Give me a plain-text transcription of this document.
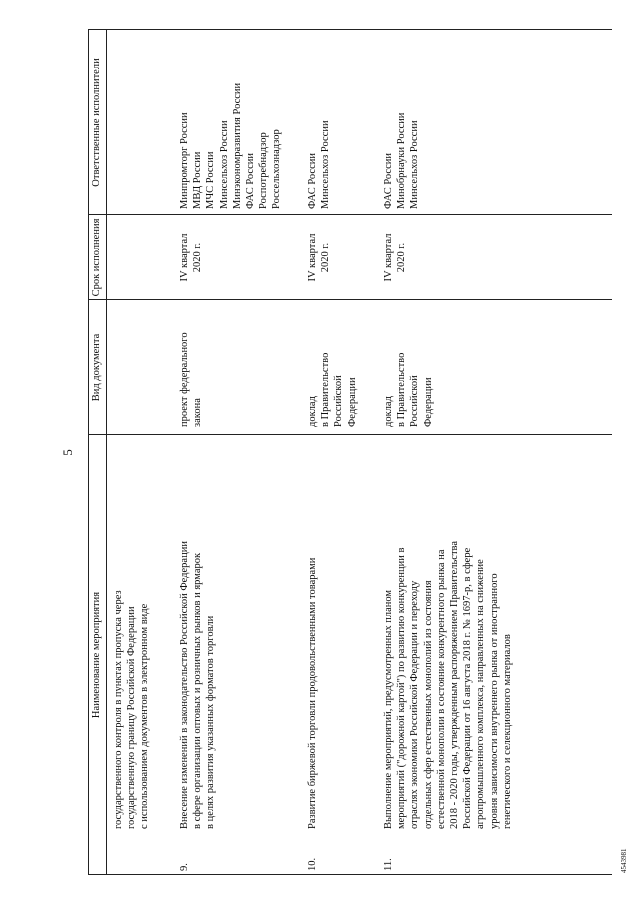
5
Наименование мероприятия
Вид документа
Срок исполнения
Ответственные исполнители
государственного контроля в пунктах пропуска через
государственную границу Российской Федерации
с использованием документов в электронном виде
9.
Внесение изменений в законодательство Российской Федерации
в сфере организации оптовых и розничных рынков и ярмарок
в целях развития указанных форматов торговли
проект федерального
закона
IV квартал
2020 г.
Минпромторг России
МВД России
МЧС России
Минсельхоз России
Минэкономразвития России
ФАС России
Роспотребнадзор
Россельхознадзор
10.
Развитие биржевой торговли продовольственными товарами
доклад
в Правительство
Российской
Федерации
IV квартал
2020 г.
ФАС России
Минсельхоз России
11.
Выполнение мероприятий, предусмотренных планом
мероприятий ("дорожной картой") по развитию конкуренции в
отраслях экономики Российской Федерации и переходу
отдельных сфер естественных монополий из состояния
естественной монополии в состояние конкурентного рынка на
2018 - 2020 годы, утвержденным распоряжением Правительства
Российской Федерации от 16 августа 2018 г. № 1697-р, в сфере
агропромышленного комплекса, направленных на снижение
уровня зависимости внутреннего рынка от иностранного
генетического и селекционного материалов
доклад
в Правительство
Российской
Федерации
IV квартал
2020 г.
ФАС России
Минобрнауки России
Минсельхоз России
4543981
